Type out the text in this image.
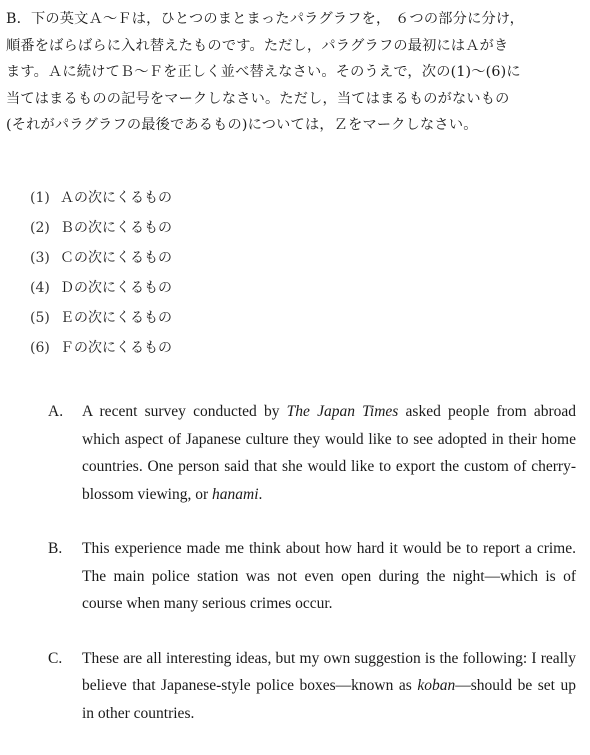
B．下の英文Ａ～Ｆは，ひとつのまとまったパラグラフを， ６つの部分に分け，

順番をばらばらに入れ替えたものです。ただし，パラグラフの最初にはＡがき

ます。Ａに続けてＢ～Ｆを正しく並べ替えなさい。そのうえで，次の(1)～(6)に

当てはまるものの記号をマークしなさい。ただし，当てはまるものがないもの

(それがパラグラフの最後であるもの)については，Ｚをマークしなさい。

(1) Ａの次にくるもの
(2) Ｂの次にくるもの
(3) Ｃの次にくるもの
(4) Ｄの次にくるもの
(5) Ｅの次にくるもの
(6) Ｆの次にくるもの
A.	A recent survey conducted by The Japan Times asked people from abroad which aspect of Japanese culture they would like to see adopted in their home countries. One person said that she would like to export the custom of cherry-blossom viewing, or hanami.
B.	This experience made me think about how hard it would be to report a crime. The main police station was not even open during the night—which is of course when many serious crimes occur.
C.	These are all interesting ideas, but my own suggestion is the following: I really believe that Japanese-style police boxes—known as koban—should be set up in other countries.
